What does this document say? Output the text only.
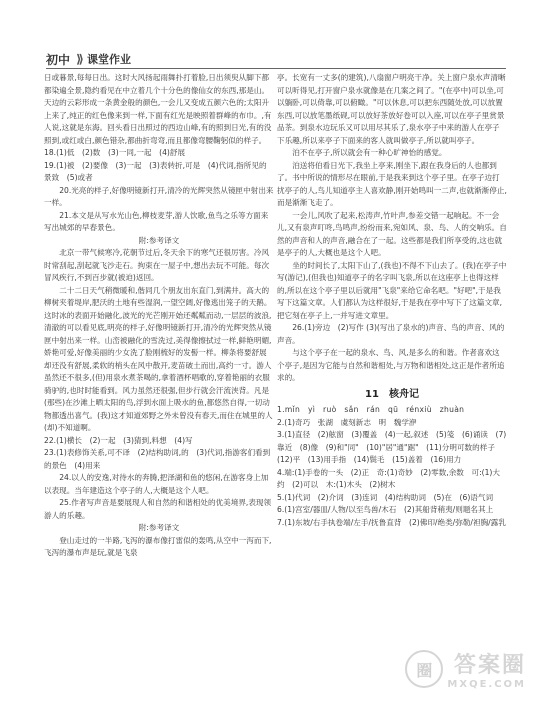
初中 ⟩⟩ 课堂作业

日或暮景,每每日出。这时大风扬起雨舞扑打着脸,日出须臾从脚下都都染遍全景,隐约看见在中立着几个十分色的像仙女的东西,那是山。天边的云彩形成一条黄金般的颜色,一会儿又变成五颜六色的;太阳升上来了,纯正的红色像来到一样,下面有红光是映照着群峰的布巾。,有人说,这就是东海。回头看日出照过的西边山峰,有的照到日光,有的没照到,或红或白,颜色错杂,都曲折弯弯,而且都像弯腰鞠躬似的样子。

18.(1)低　(2)数　(3)一同,一起　(4)舒展

19.(1)被　(2)要像　(3)一起　(3)表转折,可是　(4)代词,指所见的景致　(5)或者

20.光亮的样子,好像明镜新打开,清冷的光辉突然从镜匣中射出来一样。

21.本文是从写水光山色,柳枝麦芽,游人饮歌,鱼鸟之乐等方面来写出城郊的早春景色。

附:参考译文

北京一带气候寒冷,花朝节过后,冬天余下的寒气还很厉害。冷风时常刮起,刮起就飞沙走石。拘束在一屋子中,想出去玩不可能。每次冒风疾行,不到百步就(被迫)返回。

二十二日天气稍微暖和,偕同几个朋友出东直门,到满井。高大的柳树夹着堤岸,肥沃的土地有些湿润,一望空阔,好像逃出笼子的天鹅。这时冰的表面开始融化,波光的光芒刚开始还粼粼而动,一层层的波浪,清澈的可以看见底,明亮的样子,好像明镜新打开,清冷的光辉突然从镜匣中射出来一样。山峦被融化的雪洗过,美得像擦拭过一样,鲜艳明媚,娇艳可爱,好像美丽的少女洗了脸刚梳好的发髻一样。柳条将要舒展却还没有舒展,柔软的梢头在风中散开,麦苗破土而出,高约一寸。游人虽然还不很多,(但)用泉水煮茶喝的,拿着酒杯唱歌的,穿着艳丽的衣服骑驴的,也时时能看到。风力虽然还很强,但步行就会汗流浃背。凡是(那些)在沙滩上晒太阳的鸟,浮到水面上吸水的鱼,都悠然自得,一切动物都透出喜气。(我)这才知道郊野之外未曾没有春天,而住在城里的人(却)不知道啊。

22.(1)横长　(2)一起　(3)猜到,料想　(4)写

23.(1)表修饰关系,可不译　(2)结构助词,的　(3)代词,指游客们看到的景色　(4)用来

24.以人的安逸,对待水的奔腾,把泽湖和鱼的悠闲,在游客身上加以表现。当年建造这个亭子的人,大概是这个人吧。

25.作者写声音是要展现人和自然的和谐相处的优美境界,表现领游人的乐趣。

附:参考译文

登山走过的一半路,飞泻的瀑布像打雷似的轰鸣,从空中一泻而下,飞泻的瀑布声是玩,就是飞泉

亭。长宽有一丈多(的建筑),八扇窗户明亮干净。关上窗户泉水声清晰可以听得见,打开窗户泉水就像是在几案之间了。"(在亭中)可以坐,可以躺卧,可以倚靠,可以俯瞰。"可以休息,可以把东西随处放,可以放置东西,可以放笔墨纸砚,可以放好茶放好卷可以入座,可以在亭子里赏景品茶。到泉水边玩乐又可以用尽其乐了,泉水亭子中来的游人在亭子下乐趣,所以来亭子下面来的客人就叫做亭子,所以就叫亭子。

泊不在亭子,所以就会有一种心旷神怡的感觉。

泊送将伯看日光下,我坐上亭来,刚坐下,跟在我身后的人也都到了。书中所说的情形尽在眼前,于是我来到这个亭子里。在亭子边打扰亭子的人,鸟儿知道亭主人喜欢静,刚开始鸣叫一二声,也就渐渐停止,而是渐渐飞走了。

一会儿,风吹了起来,松涛声,竹叶声,参差交错一起响起。不一会儿,又有泉声叮咚,鸟鸣声,纷纷而来,宛如风、泉、鸟、人的交响乐。自然的声音和人的声音,融合在了一起。这些都是我们所享受的,这也就是亭子的人,大概也是这个人吧。

坐的时间长了,太阳下山了,(我也)不得不下山去了。(我)在亭子中写(游记),(但我也)知道亭子的名字叫飞泉,所以在这座亭上也得这样的,所以在这个亭子里以后就用"飞泉"来给它命名吧。"好吧",于是我写下这篇文章。人们都认为这样很好,于是我在亭中写下了这篇文章,把它刻在亭子上,一并写进文章里。

26.(1)旁边　(2)写作 (3)(写出了泉水的)声音、鸟的声音、风的声音。

与这个亭子在一起的泉水、鸟、风,是多么的和谐。作者喜欢这个亭子,是因为它能与自然和谐相处,与万物和谐相处,这正是作者所追求的。

11　核舟记

1.mǐn　yì　ruò　sǎn　rán　qū　rénxiù　zhuàn

2.(1)奇巧　张湖　虞刻新志　明　魏学洢

3.(1)直径　(2)舷窗　(3)覆盖　(4)一起,叙述　(5)笺　(6)诵读　(7)靠近　(8)像　(9)和"同"　(10)"居"通"踞"　(11)分明可数的样子　(12)平　(13)用手指　(14)鬓毛　(15)盖着　(16)用力

4.端:(1)手卷的一头　(2)正　奇:(1)奇妙　(2)零数,余数　可:(1)大约　(2)可以　木:(1)木头　(2)树木

5.(1)代词　(2)介词　(3)连词　(4)结构助词　(5)在　(6)语气词

6.(1)宫室/器皿/人物/以至鸟兽/木石　(2)其船背稍夷/则题名其上

7.(1)东坡/右手执卷端/左手/抚鲁直背　(2)佛印/绝类/弥勒/袒胸/露乳

圈 答案圈
MXQE.COM
